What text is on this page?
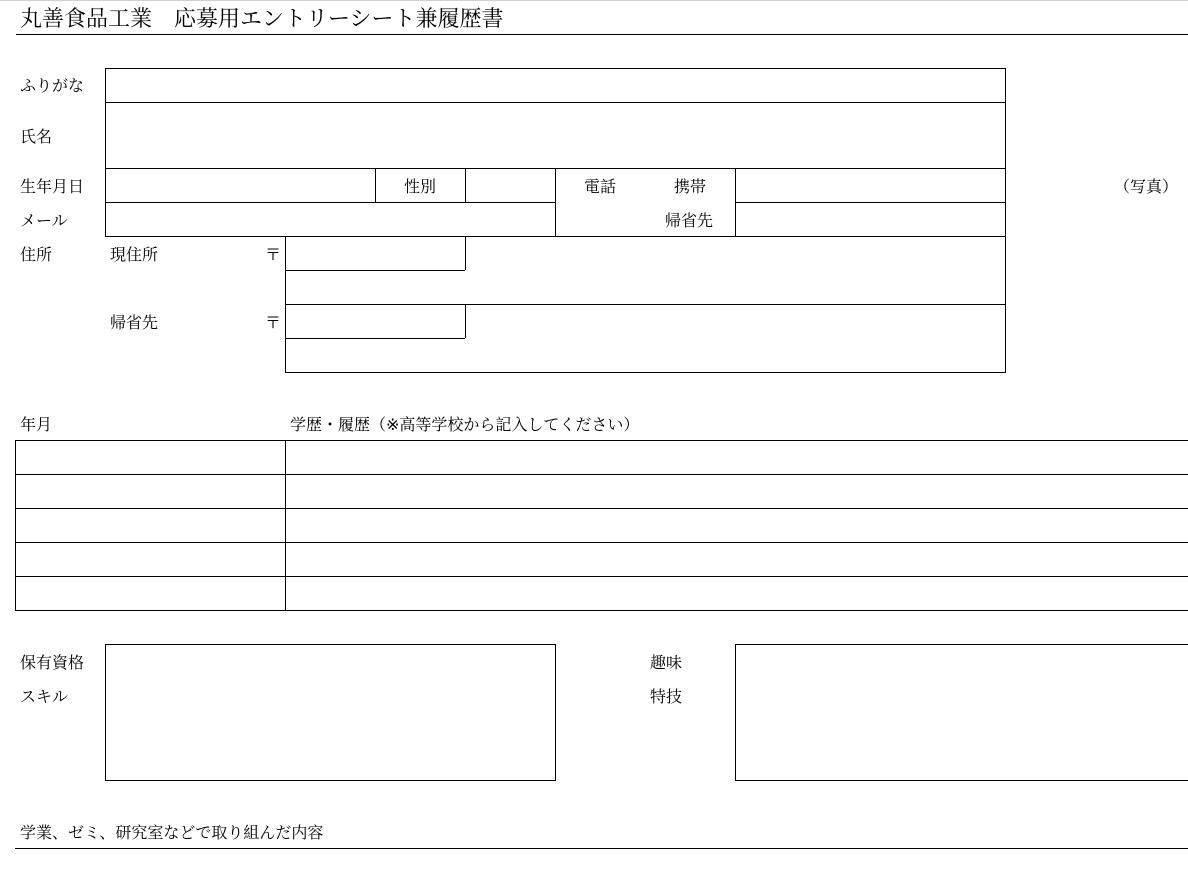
丸善食品工業　応募用エントリーシート兼履歴書
ふりがな
氏名
生年月日	性別	電話	携帯
メール	帰省先
（写真）
住所	現住所	〒
帰省先	〒
年月	学歴・履歴（※高等学校から記入してください）
保有資格
スキル
趣味
特技
学業、ゼミ、研究室などで取り組んだ内容
